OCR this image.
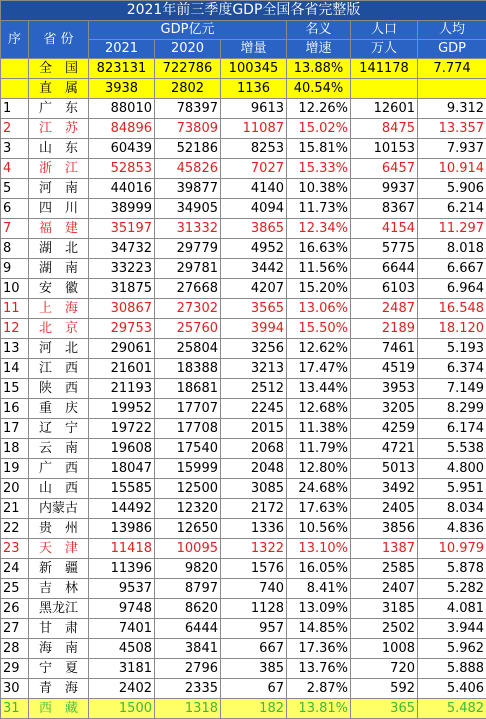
2021年前三季度GDP全国各省完整版							
序	省 份	GDP亿元			名义	人口	人均
		2021	2020	增量	增速	万人	GDP
	全　国	823131	722786	100345	13.88%	141178	7.774
	直　属	3938	2802	1136	40.54%		
1	广　东	88010	78397	9613	12.26%	12601	9.312
2	江　苏	84896	73809	11087	15.02%	8475	13.357
3	山　东	60439	52186	8253	15.81%	10153	7.937
4	浙　江	52853	45826	7027	15.33%	6457	10.914
5	河　南	44016	39877	4140	10.38%	9937	5.906
6	四　川	38999	34905	4094	11.73%	8367	6.214
7	福　建	35197	31332	3865	12.34%	4154	11.297
8	湖　北	34732	29779	4952	16.63%	5775	8.018
9	湖　南	33223	29781	3442	11.56%	6644	6.667
10	安　徽	31875	27668	4207	15.20%	6103	6.964
11	上　海	30867	27302	3565	13.06%	2487	16.548
12	北　京	29753	25760	3994	15.50%	2189	18.120
13	河　北	29061	25804	3256	12.62%	7461	5.193
14	江　西	21601	18388	3213	17.47%	4519	6.374
15	陕　西	21193	18681	2512	13.44%	3953	7.149
16	重　庆	19952	17707	2245	12.68%	3205	8.299
17	辽　宁	19722	17708	2015	11.38%	4259	6.174
18	云　南	19608	17540	2068	11.79%	4721	5.538
19	广　西	18047	15999	2048	12.80%	5013	4.800
20	山　西	15585	12500	3085	24.68%	3492	5.951
21	内蒙古	14492	12320	2172	17.63%	2405	8.034
22	贵　州	13986	12650	1336	10.56%	3856	4.836
23	天　津	11418	10095	1322	13.10%	1387	10.979
24	新　疆	11396	9820	1576	16.05%	2585	5.878
25	吉　林	9537	8797	740	8.41%	2407	5.282
26	黑龙江	9748	8620	1128	13.09%	3185	4.081
27	甘　肃	7401	6444	957	14.85%	2502	3.944
28	海　南	4508	3841	667	17.36%	1008	5.962
29	宁　夏	3181	2796	385	13.76%	720	5.888
30	青　海	2402	2335	67	2.87%	592	5.406
31	西　藏	1500	1318	182	13.81%	365	5.482
